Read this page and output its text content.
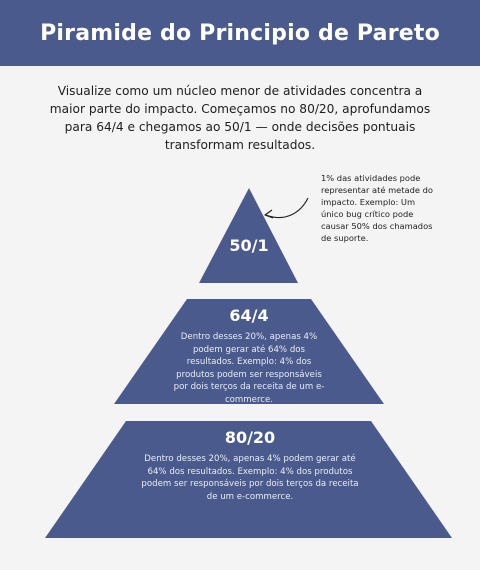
Piramide do Principio de Pareto
Visualize como um núcleo menor de atividades concentra a maior parte do impacto. Começamos no 80/20, aprofundamos para 64/4 e chegamos ao 50/1 — onde decisões pontuais transformam resultados.
50/1
64/4
Dentro desses 20%, apenas 4% podem gerar até 64% dos resultados. Exemplo: 4% dos produtos podem ser responsáveis por dois terços da receita de um e-commerce.
80/20
Dentro desses 20%, apenas 4% podem gerar até 64% dos resultados. Exemplo: 4% dos produtos podem ser responsáveis por dois terços da receita de um e-commerce.
1% das atividades pode representar até metade do impacto. Exemplo: Um único bug crítico pode causar 50% dos chamados de suporte.
